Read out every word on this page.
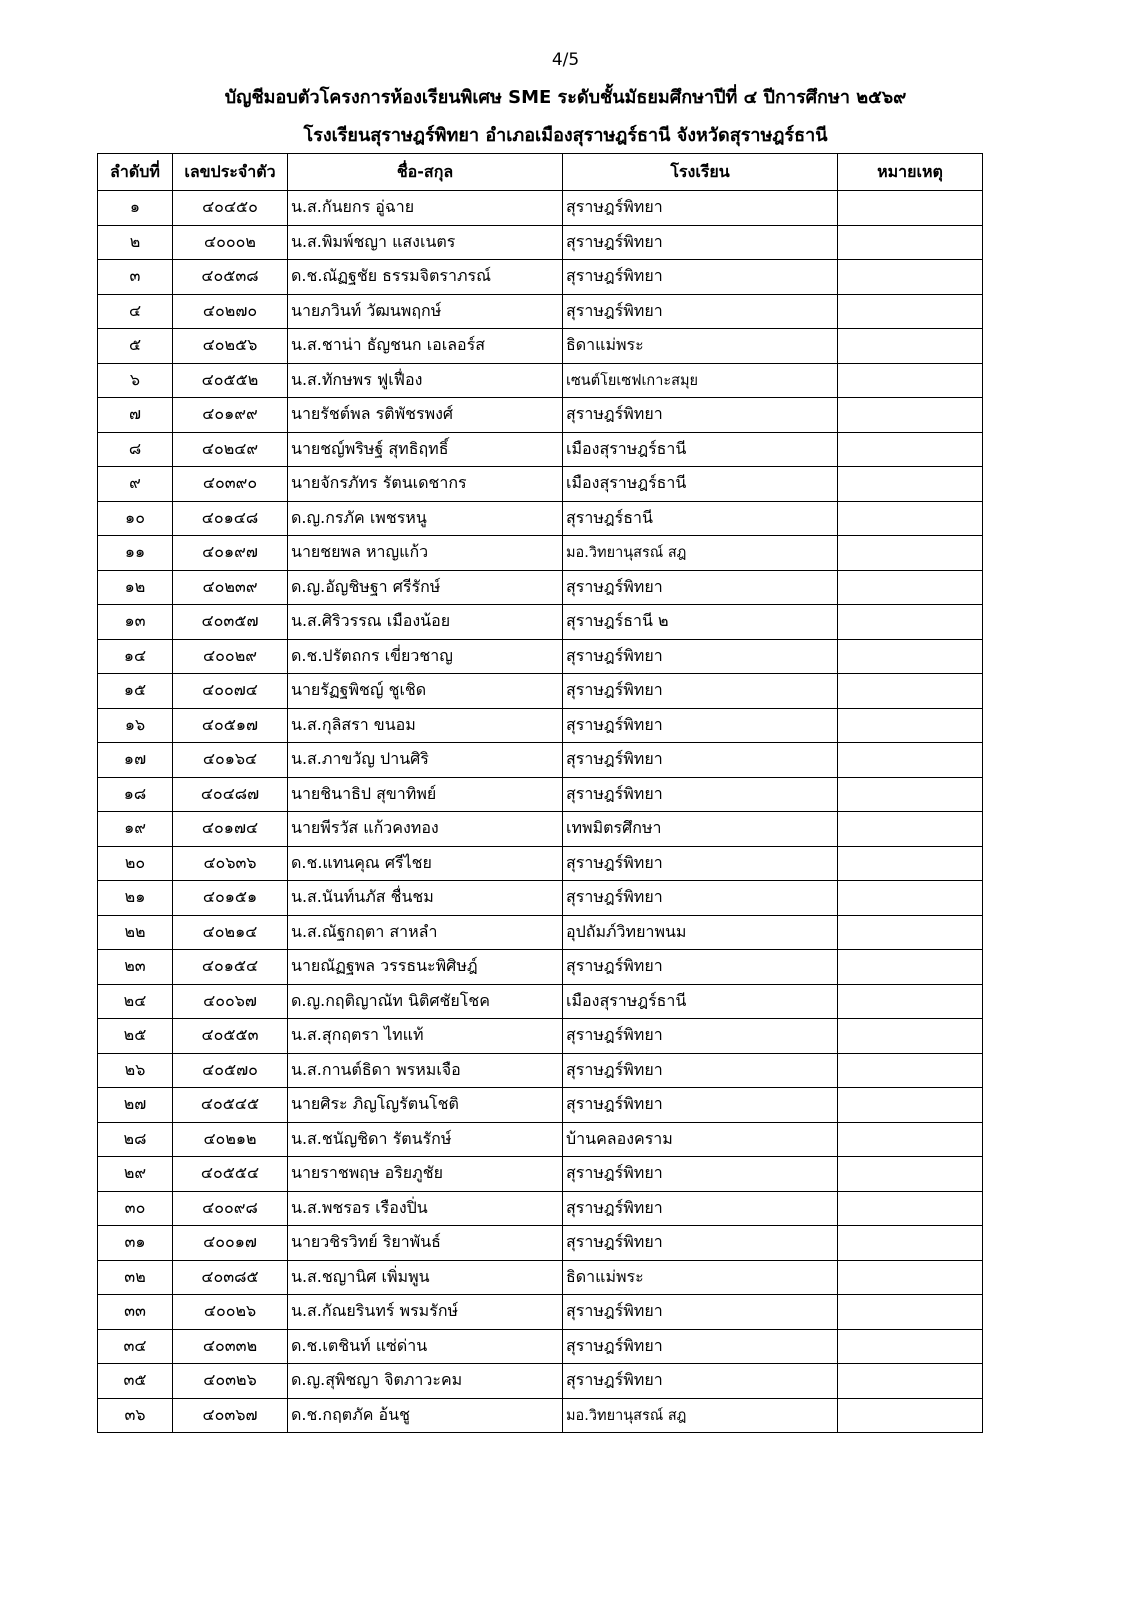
4/5
บัญชีมอบตัวโครงการห้องเรียนพิเศษ SME ระดับชั้นมัธยมศึกษาปีที่ ๔ ปีการศึกษา ๒๕๖๙
โรงเรียนสุราษฎร์พิทยา อำเภอเมืองสุราษฎร์ธานี จังหวัดสุราษฎร์ธานี
ลำดับที่	เลขประจำตัว	ชื่อ-สกุล	โรงเรียน	หมายเหตุ
๑	๔๐๔๕๐	น.ส.กันยกร อู่ฉาย	สุราษฎร์พิทยา	
๒	๔๐๐๐๒	น.ส.พิมพ์ชญา แสงเนตร	สุราษฎร์พิทยา	
๓	๔๐๕๓๘	ด.ช.ณัฏฐชัย ธรรมจิตราภรณ์	สุราษฎร์พิทยา	
๔	๔๐๒๗๐	นายภวินท์ วัฒนพฤกษ์	สุราษฎร์พิทยา	
๕	๔๐๒๕๖	น.ส.ชาน่า ธัญชนก เอเลอร์ส	ธิดาแม่พระ	
๖	๔๐๕๕๒	น.ส.ทักษพร ฟูเฟื่อง	เซนต์โยเซฟเกาะสมุย	
๗	๔๐๑๙๙	นายรัชต์พล รติพัชรพงศ์	สุราษฎร์พิทยา	
๘	๔๐๒๔๙	นายชญ์พริษฐ์ สุทธิฤทธิ์	เมืองสุราษฎร์ธานี	
๙	๔๐๓๙๐	นายจักรภัทร รัตนเดชากร	เมืองสุราษฎร์ธานี	
๑๐	๔๐๑๔๘	ด.ญ.กรภัค เพชรหนู	สุราษฎร์ธานี	
๑๑	๔๐๑๙๗	นายชยพล หาญแก้ว	มอ.วิทยานุสรณ์ สฎ	
๑๒	๔๐๒๓๙	ด.ญ.อัญชิษฐา ศรีรักษ์	สุราษฎร์พิทยา	
๑๓	๔๐๓๕๗	น.ส.ศิริวรรณ เมืองน้อย	สุราษฎร์ธานี ๒	
๑๔	๔๐๐๒๙	ด.ช.ปรัตถกร เขี่ยวชาญ	สุราษฎร์พิทยา	
๑๕	๔๐๐๗๔	นายรัฏฐพิชญ์ ชูเชิด	สุราษฎร์พิทยา	
๑๖	๔๐๕๑๗	น.ส.กุลิสรา ขนอม	สุราษฎร์พิทยา	
๑๗	๔๐๑๖๔	น.ส.ภาขวัญ ปานศิริ	สุราษฎร์พิทยา	
๑๘	๔๐๔๘๗	นายชินาธิป สุขาทิพย์	สุราษฎร์พิทยา	
๑๙	๔๐๑๗๔	นายพีรวัส แก้วคงทอง	เทพมิตรศึกษา	
๒๐	๔๐๖๓๖	ด.ช.แทนคุณ ศรีไชย	สุราษฎร์พิทยา	
๒๑	๔๐๑๕๑	น.ส.นันท์นภัส ชื่นชม	สุราษฎร์พิทยา	
๒๒	๔๐๒๑๔	น.ส.ณัฐกฤตา สาหลำ	อุปถัมภ์วิทยาพนม	
๒๓	๔๐๑๕๔	นายณัฏฐพล วรรธนะพิศิษฎ์	สุราษฎร์พิทยา	
๒๔	๔๐๐๖๗	ด.ญ.กฤติญาณัท นิติศชัยโชค	เมืองสุราษฎร์ธานี	
๒๕	๔๐๕๕๓	น.ส.สุกฤตรา ไทแท้	สุราษฎร์พิทยา	
๒๖	๔๐๕๗๐	น.ส.กานต์ธิดา พรหมเจือ	สุราษฎร์พิทยา	
๒๗	๔๐๕๔๕	นายศิระ ภิญโญรัตนโชติ	สุราษฎร์พิทยา	
๒๘	๔๐๒๑๒	น.ส.ชนัญชิดา รัตนรักษ์	บ้านคลองคราม	
๒๙	๔๐๕๕๔	นายราชพฤษ อริยภูชัย	สุราษฎร์พิทยา	
๓๐	๔๐๐๙๘	น.ส.พชรอร เรืองปิ่น	สุราษฎร์พิทยา	
๓๑	๔๐๐๑๗	นายวชิรวิทย์ ริยาพันธ์	สุราษฎร์พิทยา	
๓๒	๔๐๓๘๕	น.ส.ชญานิศ เพิ่มพูน	ธิดาแม่พระ	
๓๓	๔๐๐๒๖	น.ส.กัณยรินทร์ พรมรักษ์	สุราษฎร์พิทยา	
๓๔	๔๐๓๓๒	ด.ช.เตชินท์ แซ่ด่าน	สุราษฎร์พิทยา	
๓๕	๔๐๓๒๖	ด.ญ.สุพิชญา จิตภาวะคม	สุราษฎร์พิทยา	
๓๖	๔๐๓๖๗	ด.ช.กฤตภัค อ้นชู	มอ.วิทยานุสรณ์ สฎ	
